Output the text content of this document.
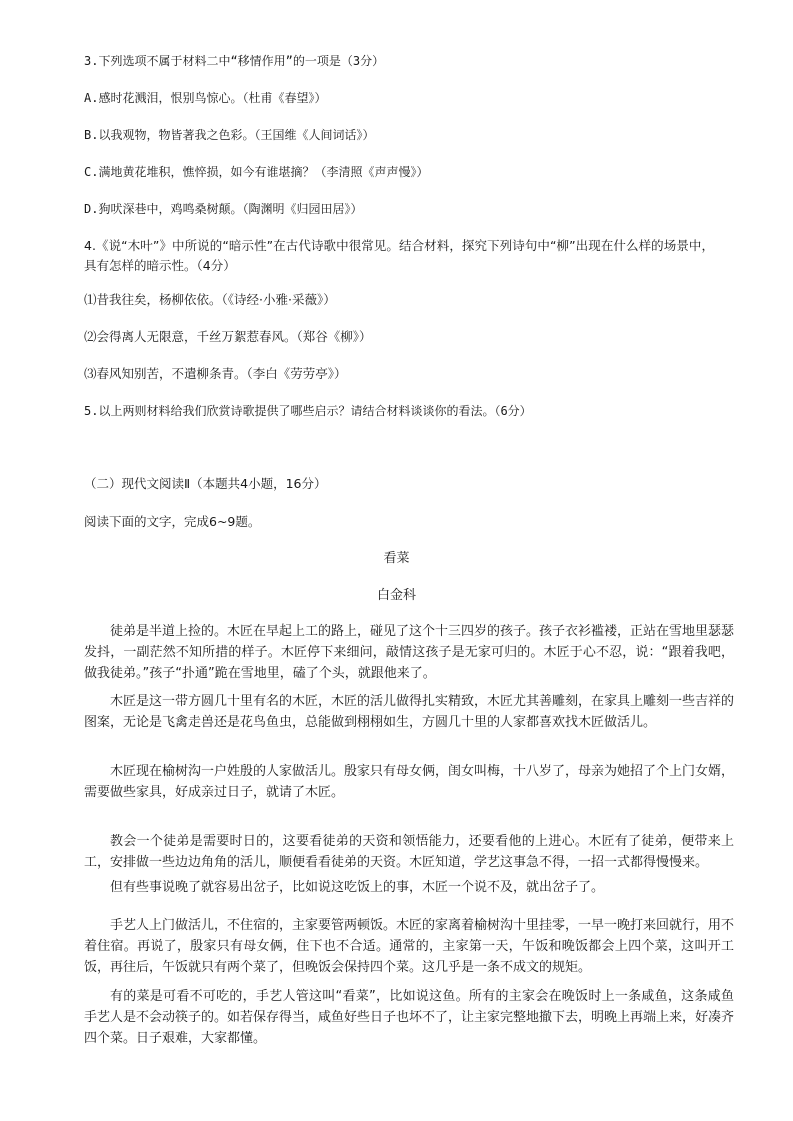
3.下列选项不属于材料二中“移情作用”的一项是（3分）
A.感时花溅泪，恨别鸟惊心。（杜甫《春望》）
B.以我观物，物皆著我之色彩。（王国维《人间词话》）
C.满地黄花堆积，憔悴损，如今有谁堪摘？（李清照《声声慢》）
D.狗吠深巷中，鸡鸣桑树颠。（陶渊明《归园田居》）
4.《说“木叶”》中所说的“暗示性”在古代诗歌中很常见。结合材料，探究下列诗句中“柳”出现在什么样的场景中，具有怎样的暗示性。（4分）
⑴昔我往矣，杨柳依依。（《诗经·小雅·采薇》）
⑵会得离人无限意，千丝万絮惹春风。（郑谷《柳》）
⑶春风知别苦，不遣柳条青。（李白《劳劳亭》）
5.以上两则材料给我们欣赏诗歌提供了哪些启示？请结合材料谈谈你的看法。（6分）
（二）现代文阅读Ⅱ（本题共4小题，16分）
阅读下面的文字，完成6~9题。
看菜
白金科
徒弟是半道上捡的。木匠在早起上工的路上，碰见了这个十三四岁的孩子。孩子衣衫褴褛，正站在雪地里瑟瑟发抖，一副茫然不知所措的样子。木匠停下来细问，敲情这孩子是无家可归的。木匠于心不忍，说：“跟着我吧，做我徒弟。”孩子“扑通”跪在雪地里，磕了个头，就跟他来了。
木匠是这一带方圆几十里有名的木匠，木匠的活儿做得扎实精致，木匠尤其善雕刻，在家具上雕刻一些吉祥的图案，无论是飞禽走兽还是花鸟鱼虫，总能做到栩栩如生，方圆几十里的人家都喜欢找木匠做活儿。
木匠现在榆树沟一户姓殷的人家做活儿。殷家只有母女俩，闺女叫梅，十八岁了，母亲为她招了个上门女婿，需要做些家具，好成亲过日子，就请了木匠。
教会一个徒弟是需要时日的，这要看徒弟的天资和领悟能力，还要看他的上进心。木匠有了徒弟，便带来上工，安排做一些边边角角的活儿，顺便看看徒弟的天资。木匠知道，学艺这事急不得，一招一式都得慢慢来。
但有些事说晚了就容易出岔子，比如说这吃饭上的事，木匠一个说不及，就出岔子了。
手艺人上门做活儿，不住宿的，主家要管两顿饭。木匠的家离着榆树沟十里挂零，一早一晚打来回就行，用不着住宿。再说了，殷家只有母女俩，住下也不合适。通常的，主家第一天，午饭和晚饭都会上四个菜，这叫开工饭，再往后，午饭就只有两个菜了，但晚饭会保持四个菜。这几乎是一条不成文的规矩。
有的菜是可看不可吃的，手艺人管这叫“看菜”，比如说这鱼。所有的主家会在晚饭时上一条咸鱼，这条咸鱼手艺人是不会动筷子的。如若保存得当，咸鱼好些日子也坏不了，让主家完整地撤下去，明晚上再端上来，好凑齐四个菜。日子艰难，大家都懂。
